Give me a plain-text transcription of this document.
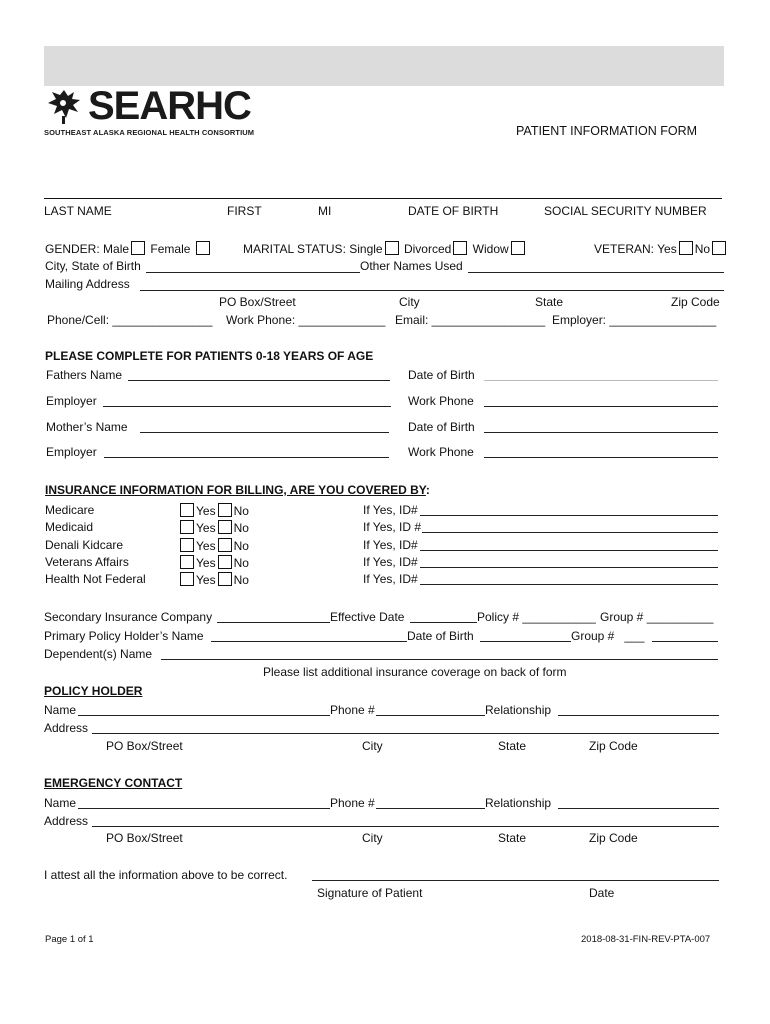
SEARHC
SOUTHEAST ALASKA REGIONAL HEALTH CONSORTIUM	PATIENT INFORMATION FORM
LAST NAME	FIRST	MI	DATE OF BIRTH	SOCIAL SECURITY NUMBER
GENDER: Male Female	MARITAL STATUS: Single Divorced Widow	VETERAN: Yes No
City, State of Birth	Other Names Used
Mailing Address
PO Box/Street	City	State	Zip Code
Phone/Cell: _______________ Work Phone: _____________ Email: _________________ Employer: ________________
PLEASE COMPLETE FOR PATIENTS 0-18 YEARS OF AGE
Fathers Name	Date of Birth
Employer	Work Phone
Mother’s Name	Date of Birth
Employer	Work Phone
INSURANCE INFORMATION FOR BILLING, ARE YOU COVERED BY:
Medicare	Yes No	If Yes, ID#
Medicaid	Yes No	If Yes, ID #
Denali Kidcare	Yes No	If Yes, ID#
Veterans Affairs	Yes No	If Yes, ID#
Health Not Federal	Yes No	If Yes, ID#
Secondary Insurance Company	Effective Date	Policy # ___________ Group # __________
Primary Policy Holder’s Name	Date of Birth	Group # ___
Dependent(s) Name
Please list additional insurance coverage on back of form
POLICY HOLDER
Name	Phone #	Relationship
Address
PO Box/Street	City	State	Zip Code
EMERGENCY CONTACT
Name	Phone #	Relationship
Address
PO Box/Street	City	State	Zip Code
I attest all the information above to be correct.
Signature of Patient	Date
Page 1 of 1	2018-08-31-FIN-REV-PTA-007
